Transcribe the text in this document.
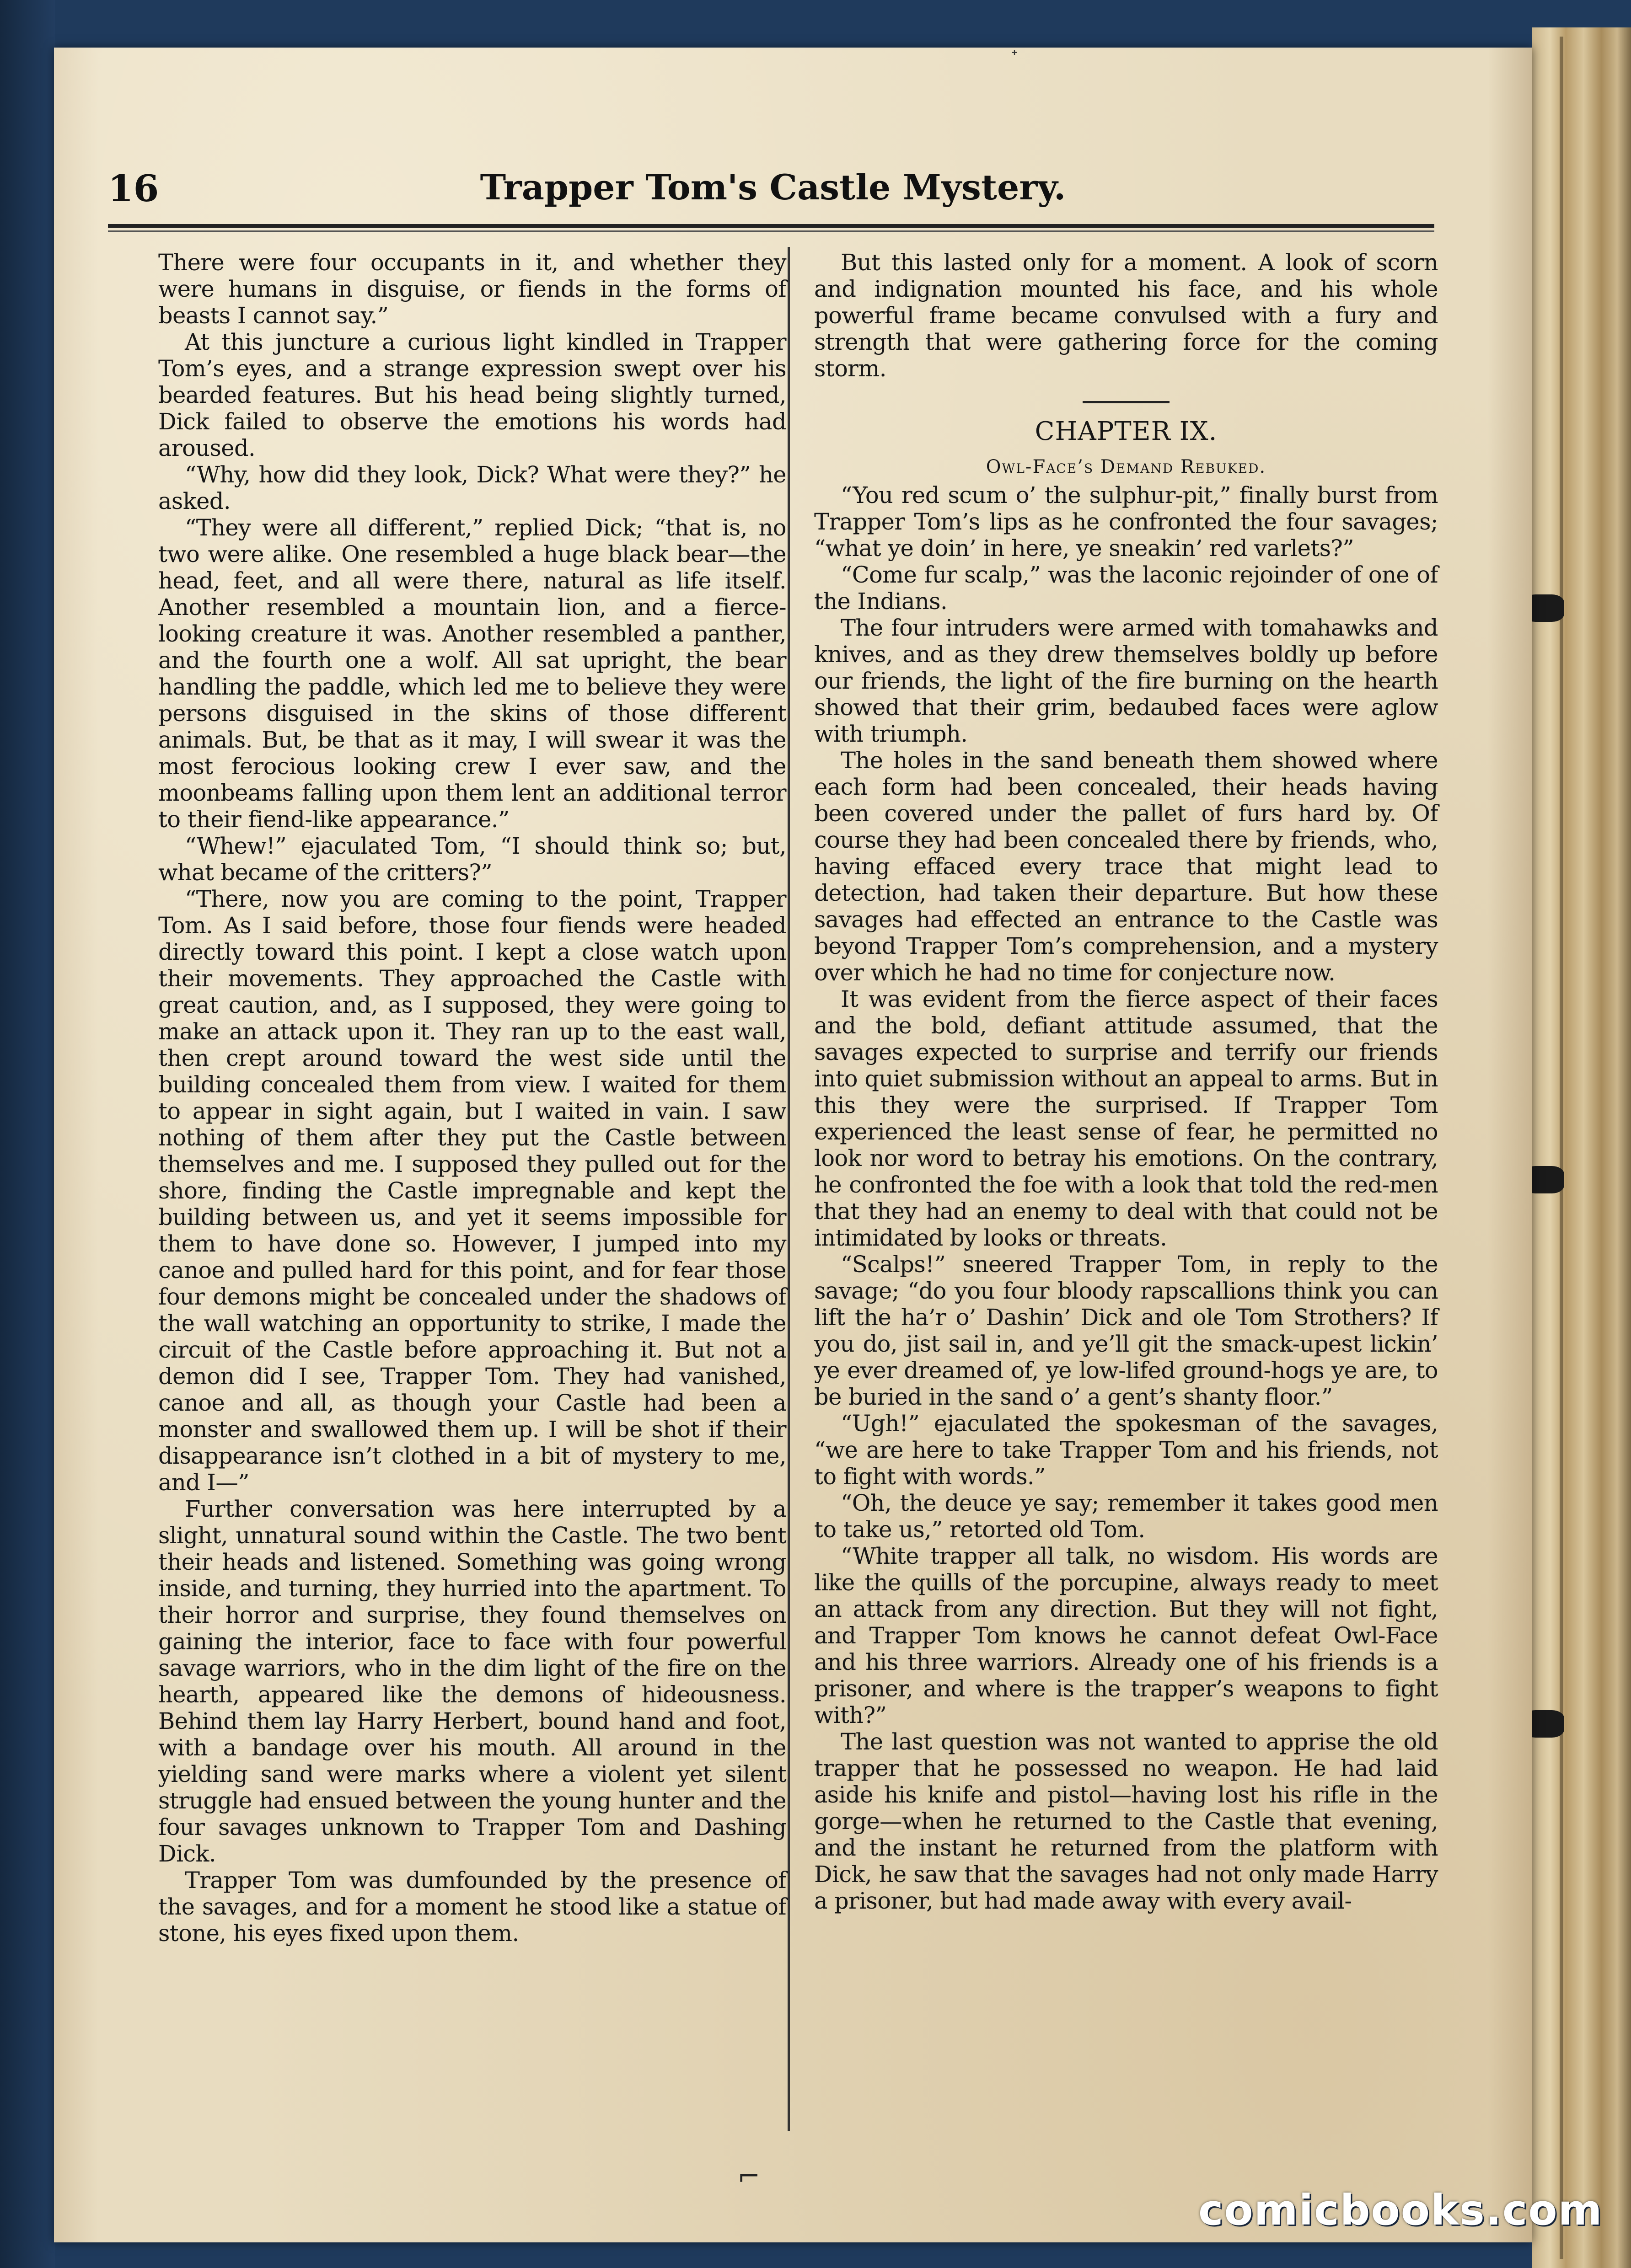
ᐩ
16	Trapper Tom's Castle Mystery.

There were four occupants in it, and whether they were humans in disguise, or fiends in the forms of beasts I cannot say.”

At this juncture a curious light kindled in Trapper Tom’s eyes, and a strange expression swept over his bearded features. But his head being slightly turned, Dick failed to observe the emotions his words had aroused.

“Why, how did they look, Dick? What were they?” he asked.

“They were all different,” replied Dick; “that is, no two were alike. One resembled a huge black bear—the head, feet, and all were there, natural as life itself. Another resembled a mountain lion, and a fierce-looking creature it was. Another resembled a panther, and the fourth one a wolf. All sat upright, the bear handling the paddle, which led me to believe they were persons disguised in the skins of those different animals. But, be that as it may, I will swear it was the most ferocious looking crew I ever saw, and the moonbeams falling upon them lent an additional terror to their fiend-like appearance.”

“Whew!” ejaculated Tom, “I should think so; but, what became of the critters?”

“There, now you are coming to the point, Trapper Tom. As I said before, those four fiends were headed directly toward this point. I kept a close watch upon their movements. They approached the Castle with great caution, and, as I supposed, they were going to make an attack upon it. They ran up to the east wall, then crept around toward the west side until the building concealed them from view. I waited for them to appear in sight again, but I waited in vain. I saw nothing of them after they put the Castle between themselves and me. I supposed they pulled out for the shore, finding the Castle impregnable and kept the building between us, and yet it seems impossible for them to have done so. However, I jumped into my canoe and pulled hard for this point, and for fear those four demons might be concealed under the shadows of the wall watching an opportunity to strike, I made the circuit of the Castle before approaching it. But not a demon did I see, Trapper Tom. They had vanished, canoe and all, as though your Castle had been a monster and swallowed them up. I will be shot if their disappearance isn’t clothed in a bit of mystery to me, and I—”

Further conversation was here interrupted by a slight, unnatural sound within the Castle. The two bent their heads and listened. Something was going wrong inside, and turning, they hurried into the apartment. To their horror and surprise, they found themselves on gaining the interior, face to face with four powerful savage warriors, who in the dim light of the fire on the hearth, appeared like the demons of hideousness. Behind them lay Harry Herbert, bound hand and foot, with a bandage over his mouth. All around in the yielding sand were marks where a violent yet silent struggle had ensued between the young hunter and the four savages unknown to Trapper Tom and Dashing Dick.

Trapper Tom was dumfounded by the presence of the savages, and for a moment he stood like a statue of stone, his eyes fixed upon them.

But this lasted only for a moment. A look of scorn and indignation mounted his face, and his whole powerful frame became convulsed with a fury and strength that were gathering force for the coming storm.

CHAPTER IX.
Owl-Face’s Demand Rebuked.

“You red scum o’ the sulphur-pit,” finally burst from Trapper Tom’s lips as he confronted the four savages; “what ye doin’ in here, ye sneakin’ red varlets?”

“Come fur scalp,” was the laconic rejoinder of one of the Indians.

The four intruders were armed with tomahawks and knives, and as they drew themselves boldly up before our friends, the light of the fire burning on the hearth showed that their grim, bedaubed faces were aglow with triumph.

The holes in the sand beneath them showed where each form had been concealed, their heads having been covered under the pallet of furs hard by. Of course they had been concealed there by friends, who, having effaced every trace that might lead to detection, had taken their departure. But how these savages had effected an entrance to the Castle was beyond Trapper Tom’s comprehension, and a mystery over which he had no time for conjecture now.

It was evident from the fierce aspect of their faces and the bold, defiant attitude assumed, that the savages expected to surprise and terrify our friends into quiet submission without an appeal to arms. But in this they were the surprised. If Trapper Tom experienced the least sense of fear, he permitted no look nor word to betray his emotions. On the contrary, he confronted the foe with a look that told the red-men that they had an enemy to deal with that could not be intimidated by looks or threats.

“Scalps!” sneered Trapper Tom, in reply to the savage; “do you four bloody rapscallions think you can lift the ha’r o’ Dashin’ Dick and ole Tom Strothers? If you do, jist sail in, and ye’ll git the smack-upest lickin’ ye ever dreamed of, ye low-lifed ground-hogs ye are, to be buried in the sand o’ a gent’s shanty floor.”

“Ugh!” ejaculated the spokesman of the savages, “we are here to take Trapper Tom and his friends, not to fight with words.”

“Oh, the deuce ye say; remember it takes good men to take us,” retorted old Tom.

“White trapper all talk, no wisdom. His words are like the quills of the porcupine, always ready to meet an attack from any direction. But they will not fight, and Trapper Tom knows he cannot defeat Owl-Face and his three warriors. Already one of his friends is a prisoner, and where is the trapper’s weapons to fight with?”

The last question was not wanted to apprise the old trapper that he possessed no weapon. He had laid aside his knife and pistol—having lost his rifle in the gorge—when he returned to the Castle that evening, and the instant he returned from the platform with Dick, he saw that the savages had not only made Harry a prisoner, but had made away with every avail-

⌐
comicbooks.com
